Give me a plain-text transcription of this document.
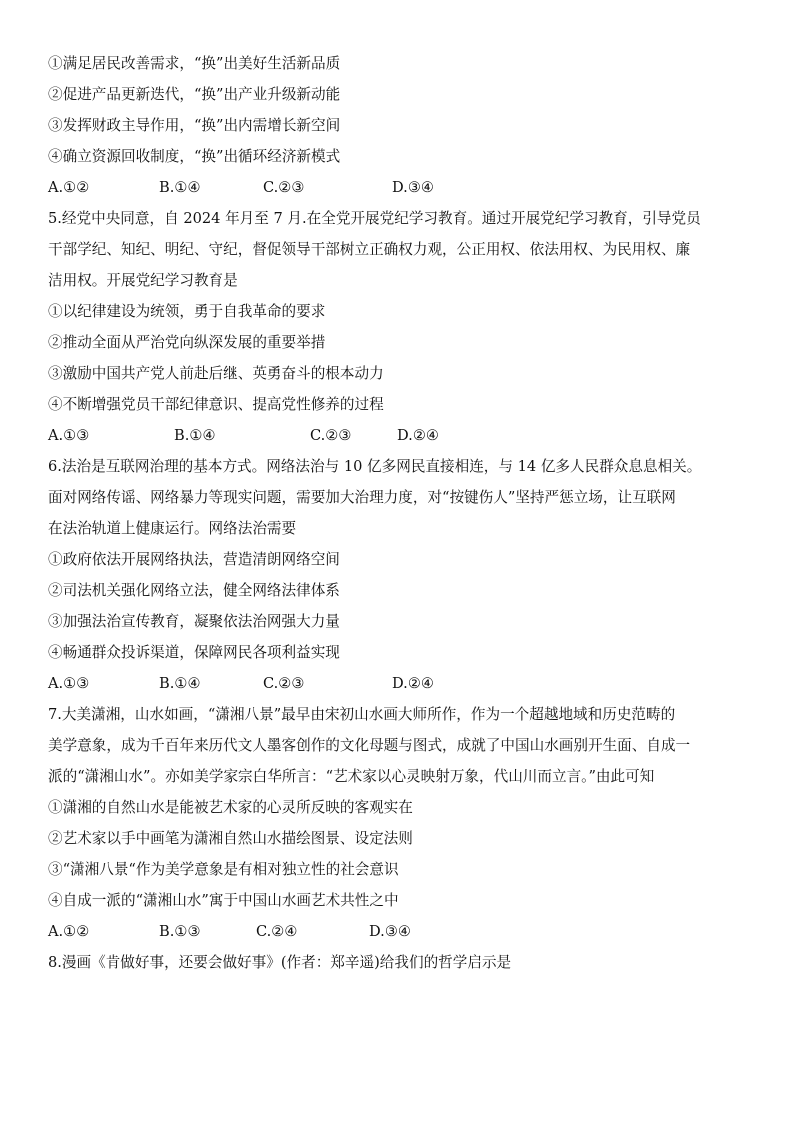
①满足居民改善需求，“换”出美好生活新品质
②促进产品更新迭代，“换”出产业升级新动能
③发挥财政主导作用，“换”出内需增长新空间
④确立资源回收制度，“换”出循环经济新模式
A.①②	B.①④	C.②③	D.③④
5.经党中央同意，自 2024 年月至 7 月.在全党开展党纪学习教育。通过开展党纪学习教育，引导党员
干部学纪、知纪、明纪、守纪，督促领导干部树立正确权力观，公正用权、依法用权、为民用权、廉
洁用权。开展党纪学习教育是
①以纪律建设为统领，勇于自我革命的要求
②推动全面从严治党向纵深发展的重要举措
③激励中国共产党人前赴后继、英勇奋斗的根本动力
④不断增强党员干部纪律意识、提高党性修养的过程
A.①③	B.①④	C.②③	D.②④
6.法治是互联网治理的基本方式。网络法治与 10 亿多网民直接相连，与 14 亿多人民群众息息相关。
面对网络传谣、网络暴力等现实问题，需要加大治理力度，对“按键伤人”坚持严惩立场，让互联网
在法治轨道上健康运行。网络法治需要
①政府依法开展网络执法，营造清朗网络空间
②司法机关强化网络立法，健全网络法律体系
③加强法治宣传教育，凝聚依法治网强大力量
④畅通群众投诉渠道，保障网民各项利益实现
A.①③	B.①④	C.②③	D.②④
7.大美潇湘，山水如画，“潇湘八景”最早由宋初山水画大师所作，作为一个超越地域和历史范畴的
美学意象，成为千百年来历代文人墨客创作的文化母题与图式，成就了中国山水画别开生面、自成一
派的“潇湘山水”。亦如美学家宗白华所言：“艺术家以心灵映射万象，代山川而立言。”由此可知
①潇湘的自然山水是能被艺术家的心灵所反映的客观实在
②艺术家以手中画笔为潇湘自然山水描绘图景、设定法则
③“潇湘八景“作为美学意象是有相对独立性的社会意识
④自成一派的“潇湘山水”寓于中国山水画艺术共性之中
A.①②	B.①③	C.②④	D.③④
8.漫画《肯做好事，还要会做好事》(作者：郑辛遥)给我们的哲学启示是
